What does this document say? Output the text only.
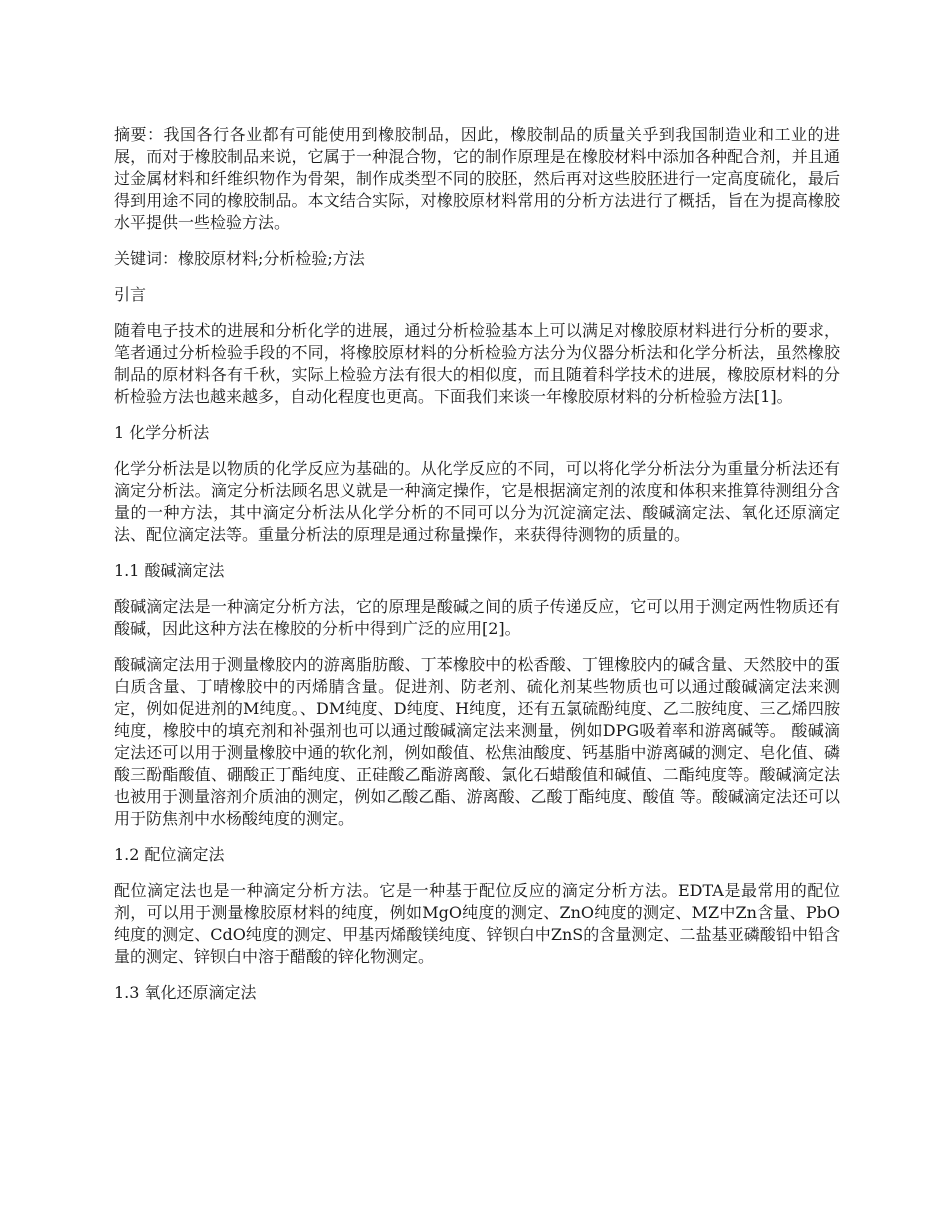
摘要：我国各行各业都有可能使用到橡胶制品，因此，橡胶制品的质量关乎到我国制造业和工业的进展，而对于橡胶制品来说，它属于一种混合物，它的制作原理是在橡胶材料中添加各种配合剂，并且通过金属材料和纤维织物作为骨架，制作成类型不同的胶胚，然后再对这些胶胚进行一定高度硫化，最后得到用途不同的橡胶制品。本文结合实际，对橡胶原材料常用的分析方法进行了概括，旨在为提高橡胶水平提供一些检验方法。

关键词：橡胶原材料;分析检验;方法

引言

随着电子技术的进展和分析化学的进展，通过分析检验基本上可以满足对橡胶原材料进行分析的要求，笔者通过分析检验手段的不同，将橡胶原材料的分析检验方法分为仪器分析法和化学分析法，虽然橡胶制品的原材料各有千秋，实际上检验方法有很大的相似度，而且随着科学技术的进展，橡胶原材料的分析检验方法也越来越多，自动化程度也更高。下面我们来谈一年橡胶原材料的分析检验方法[1]。

1 化学分析法

化学分析法是以物质的化学反应为基础的。从化学反应的不同，可以将化学分析法分为重量分析法还有滴定分析法。滴定分析法顾名思义就是一种滴定操作，它是根据滴定剂的浓度和体积来推算待测组分含量的一种方法，其中滴定分析法从化学分析的不同可以分为沉淀滴定法、酸碱滴定法、氧化还原滴定法、配位滴定法等。重量分析法的原理是通过称量操作，来获得待测物的质量的。

1.1 酸碱滴定法

酸碱滴定法是一种滴定分析方法，它的原理是酸碱之间的质子传递反应，它可以用于测定两性物质还有酸碱，因此这种方法在橡胶的分析中得到广泛的应用[2]。

酸碱滴定法用于测量橡胶内的游离脂肪酸、丁苯橡胶中的松香酸、丁锂橡胶内的碱含量、天然胶中的蛋白质含量、丁晴橡胶中的丙烯腈含量。促进剂、防老剂、硫化剂某些物质也可以通过酸碱滴定法来测定，例如促进剂的M纯度。、DM纯度、D纯度、H纯度，还有五氯硫酚纯度、乙二胺纯度、三乙烯四胺纯度，橡胶中的填充剂和补强剂也可以通过酸碱滴定法来测量，例如DPG吸着率和游离碱等。 酸碱滴定法还可以用于测量橡胶中通的软化剂，例如酸值、松焦油酸度、钙基脂中游离碱的测定、皂化值、磷酸三酚酯酸值、硼酸正丁酯纯度、正硅酸乙酯游离酸、氯化石蜡酸值和碱值、二酯纯度等。酸碱滴定法也被用于测量溶剂介质油的测定，例如乙酸乙酯、游离酸、乙酸丁酯纯度、酸值 等。酸碱滴定法还可以用于防焦剂中水杨酸纯度的测定。

1.2 配位滴定法

配位滴定法也是一种滴定分析方法。它是一种基于配位反应的滴定分析方法。EDTA是最常用的配位剂，可以用于测量橡胶原材料的纯度，例如MgO纯度的测定、ZnO纯度的测定、MZ中Zn含量、PbO纯度的测定、CdO纯度的测定、甲基丙烯酸镁纯度、锌钡白中ZnS的含量测定、二盐基亚磷酸铅中铅含量的测定、锌钡白中溶于醋酸的锌化物测定。

1.3 氧化还原滴定法
